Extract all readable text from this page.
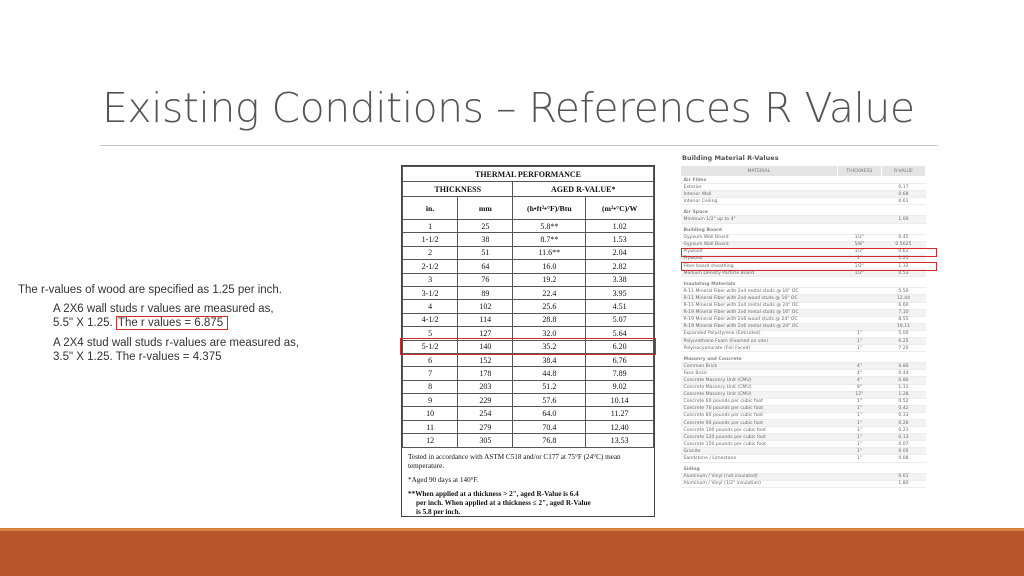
Existing Conditions – References R Value

The r-values of wood are specified as 1.25 per inch.

A 2X6 wall studs r values are measured as,
5.5" X 1.25. The r values = 6.875

A 2X4 stud wall studs r-values are measured as,
3.5" X 1.25. The r-values = 4.375

THERMAL PERFORMANCE			
THICKNESS		AGED R-VALUE*	
in.	mm	(h•ft²•°F)/Btu	(m²•°C)/W
1	25	5.8**	1.02
1-1/2	38	8.7**	1.53
2	51	11.6**	2.04
2-1/2	64	16.0	2.82
3	76	19.2	3.38
3-1/2	89	22.4	3.95
4	102	25.6	4.51
4-1/2	114	28.8	5.07
5	127	32.0	5.64
5-1/2	140	35.2	6.20
6	152	38.4	6.76
7	178	44.8	7.89
8	203	51.2	9.02
9	229	57.6	10.14
10	254	64.0	11.27
11	279	70.4	12.40
12	305	76.8	13.53

Tested in accordance with ASTM C518 and/or C177 at 75°F (24°C) mean temperature.

*Aged 90 days at 140°F.

**When applied at a thickness > 2", aged R-Value is 6.4
per inch. When applied at a thickness ≤ 2", aged R-Value
is 5.8 per inch.

Building Material R-Values
MATERIAL	THICKNESS	R-VALUE
Air Films		
Exterior		0.17
Interior Wall		0.68
Interior Ceiling		0.61

Air Space		
Minimum 1/2" up to 4"		1.00

Building Board		
Gypsum Wall Board	1/2"	0.45
Gypsum Wall Board	5/8"	0.5625
Plywood	1/2"	0.62
Plywood	1"	1.25
Fiber board sheathing	1/2"	1.32
Medium Density Particle Board	1/2"	0.53

Insulating Materials		
R-11 Mineral Fiber with 2x4 metal studs @ 16" OC		5.50
R-11 Mineral Fiber with 2x4 wood studs @ 16" OC		12.44
R-11 Mineral Fiber with 2x4 metal studs @ 24" OC		6.60
R-19 Mineral Fiber with 2x6 metal studs @ 16" OC		7.10
R-19 Mineral Fiber with 2x6 wood studs @ 24" OC		8.55
R-19 Mineral Fiber with 2x6 metal studs @ 24" OC		19.11
Expanded Polystyrene (Extruded)	1"	5.00
Polyurethane Foam (Foamed on site)	1"	6.25
Polyisocyanurate (Foil Faced)	1"	7.20

Masonry and Concrete		
Common Brick	4"	0.80
Face Brick	4"	0.44
Concrete Masonry Unit (CMU)	4"	0.80
Concrete Masonry Unit (CMU)	8"	1.11
Concrete Masonry Unit (CMU)	12"	1.28
Concrete 60 pounds per cubic foot	1"	0.52
Concrete 70 pounds per cubic foot	1"	0.42
Concrete 80 pounds per cubic foot	1"	0.33
Concrete 90 pounds per cubic foot	1"	0.26
Concrete 100 pounds per cubic foot	1"	0.21
Concrete 120 pounds per cubic foot	1"	0.13
Concrete 150 pounds per cubic foot	1"	0.07
Granite	1"	0.05
Sandstone / Limestone	1"	0.08

Siding		
Aluminum / Vinyl (not insulated)		0.61
Aluminum / Vinyl (1/2" insulation)		1.80
